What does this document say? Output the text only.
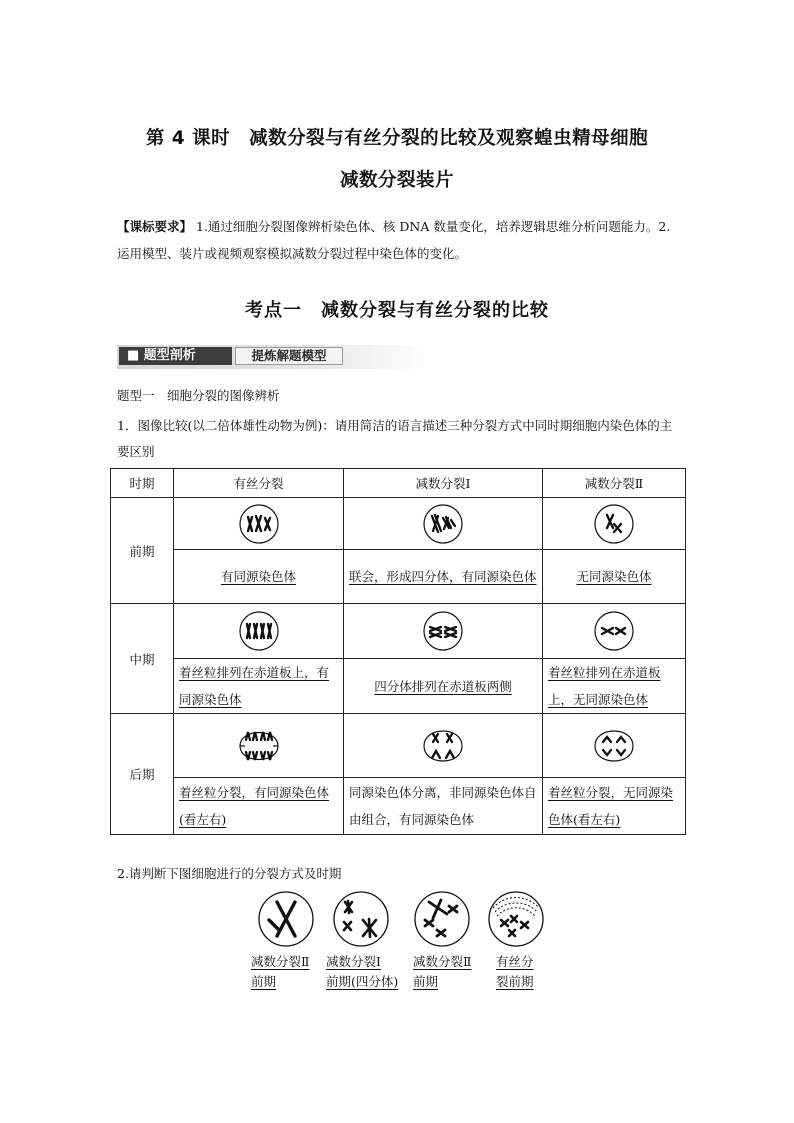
第 4 课时　减数分裂与有丝分裂的比较及观察蝗虫精母细胞
减数分裂装片
【课标要求】 1.通过细胞分裂图像辨析染色体、核 DNA 数量变化，培养逻辑思维分析问题能力。2.运用模型、装片或视频观察模拟减数分裂过程中染色体的变化。
考点一　减数分裂与有丝分裂的比较
■ 题型剖析	提炼解题模型
题型一　细胞分裂的图像辨析
1．图像比较(以二倍体雄性动物为例)：请用简洁的语言描述三种分裂方式中同时期细胞内染色体的主要区别
时期	有丝分裂	减数分裂Ⅰ	减数分裂Ⅱ
前期	

	有同源染色体	联会，形成四分体，有同源染色体	无同源染色体
中期	

	着丝粒排列在赤道板上，有同源染色体	四分体排列在赤道板两侧	着丝粒排列在赤道板上，无同源染色体
后期	

	着丝粒分裂，有同源染色体(看左右)	同源染色体分离，非同源染色体自由组合，有同源染色体	着丝粒分裂，无同源染色体(看左右)
2.请判断下图细胞进行的分裂方式及时期
减数分裂Ⅱ
前期
减数分裂Ⅰ
前期(四分体)
减数分裂Ⅱ
前期
有丝分
裂前期
